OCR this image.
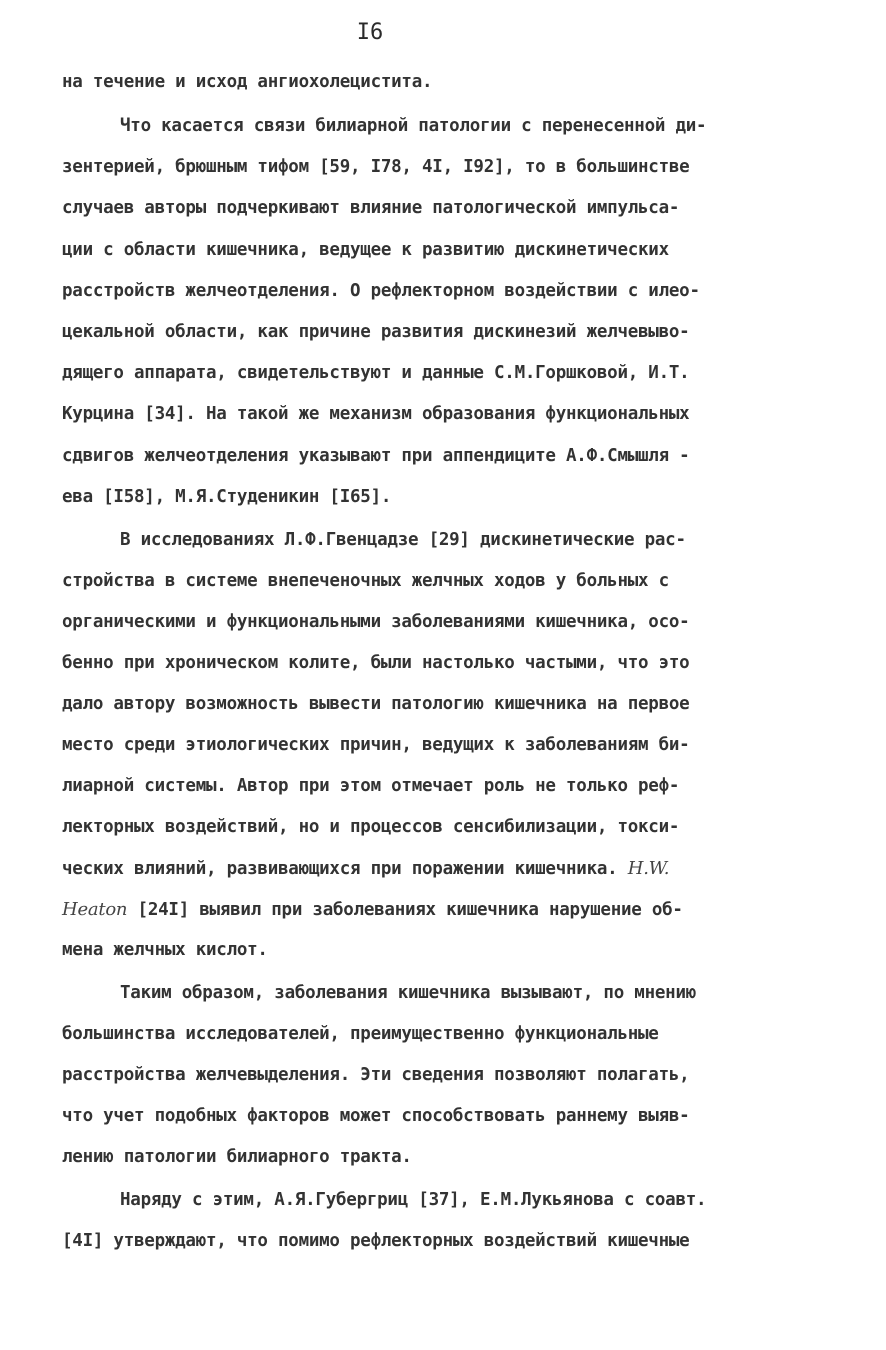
I6
на течение и исход ангиохолецистита.
Что касается связи билиарной патологии с перенесенной ди-
зентерией, брюшным тифом [59, I78, 4I, I92], то в большинстве
случаев авторы подчеркивают влияние патологической импульса-
ции с области кишечника, ведущее к развитию дискинетических
расстройств желчеотделения. О рефлекторном воздействии с илео-
цекальной области, как причине развития дискинезий желчевыво-
дящего аппарата, свидетельствуют и данные С.М.Горшковой, И.Т.
Курцина [34]. На такой же механизм образования функциональных
сдвигов желчеотделения указывают при аппендиците А.Ф.Смышля -
ева [I58], М.Я.Студеникин [I65].
В исследованиях Л.Ф.Гвенцадзе [29] дискинетические рас-
стройства в системе внепеченочных желчных ходов у больных с
органическими и функциональными заболеваниями кишечника, осо-
бенно при хроническом колите, были настолько частыми, что это
дало автору возможность вывести патологию кишечника на первое
место среди этиологических причин, ведущих к заболеваниям би-
лиарной системы. Автор при этом отмечает роль не только реф-
лекторных воздействий, но и процессов сенсибилизации, токси-
ческих влияний, развивающихся при поражении кишечника. H.W.
Heaton [24I] выявил при заболеваниях кишечника нарушение об-
мена желчных кислот.
Таким образом, заболевания кишечника вызывают, по мнению
большинства исследователей, преимущественно функциональные
расстройства желчевыделения. Эти сведения позволяют полагать,
что учет подобных факторов может способствовать раннему выяв-
лению патологии билиарного тракта.
Наряду с этим, А.Я.Губергриц [37], Е.М.Лукьянова с соавт.
[4I] утверждают, что помимо рефлекторных воздействий кишечные
